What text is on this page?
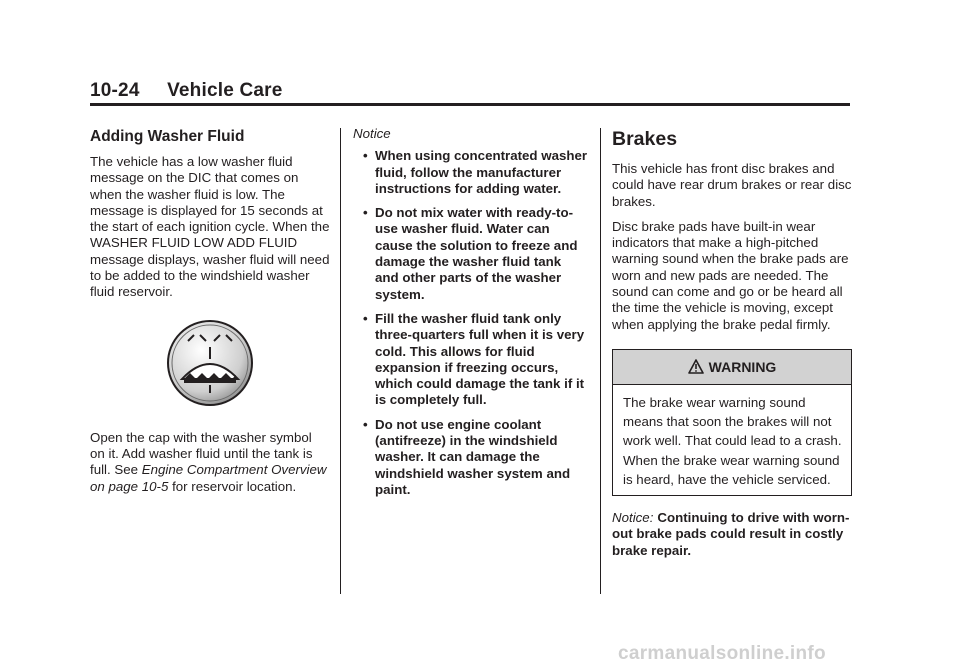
10-24 Vehicle Care
Adding Washer Fluid

The vehicle has a low washer fluid message on the DIC that comes on when the washer fluid is low. The message is displayed for 15 seconds at the start of each ignition cycle. When the WASHER FLUID LOW ADD FLUID message displays, washer fluid will need to be added to the windshield washer fluid reservoir.

Open the cap with the washer symbol on it. Add washer fluid until the tank is full. See Engine Compartment Overview on page 10-5 for reservoir location.

Notice
• When using concentrated washer fluid, follow the manufacturer instructions for adding water.
• Do not mix water with ready-to-use washer fluid. Water can cause the solution to freeze and damage the washer fluid tank and other parts of the washer system.
• Fill the washer fluid tank only three-quarters full when it is very cold. This allows for fluid expansion if freezing occurs, which could damage the tank if it is completely full.
• Do not use engine coolant (antifreeze) in the windshield washer. It can damage the windshield washer system and paint.
Brakes

This vehicle has front disc brakes and could have rear drum brakes or rear disc brakes.

Disc brake pads have built-in wear indicators that make a high-pitched warning sound when the brake pads are worn and new pads are needed. The sound can come and go or be heard all the time the vehicle is moving, except when applying the brake pedal firmly.

WARNING
The brake wear warning sound means that soon the brakes will not work well. That could lead to a crash. When the brake wear warning sound is heard, have the vehicle serviced.
Notice: Continuing to drive with worn-out brake pads could result in costly brake repair.
carmanualsonline.info
